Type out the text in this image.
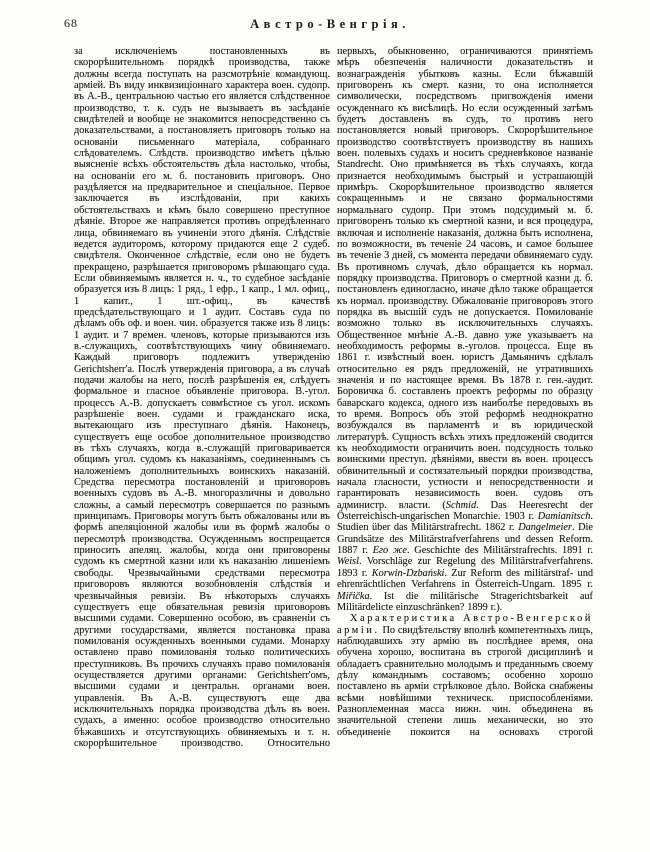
68	Австро-Венгрія.

за исключеніемъ постановленныхъ въ скорорѣшительномъ порядкѣ производства, также должны всегда поступать на разсмотрѣніе командующ. арміей. Въ виду инквизиціоннаго характера воен. судопр. въ А.-В., центральною частью его является слѣдственное производство, т. к. судъ не вызываетъ въ засѣданіе свидѣтелей и вообще не знакомится непосредственно съ доказательствами, а постановляетъ приговоръ только на основаніи письменнаго матеріала, собраннаго слѣдователемъ. Слѣдств. производство имѣетъ цѣлью выясненіе всѣхъ обстоятельствъ дѣла настолько, чтобы, на основаніи его м. б. постановить приговоръ. Оно раздѣляется на предварительное и спеціальное. Первое заключается въ изслѣдованіи, при какихъ обстоятельствахъ и кѣмъ было совершено преступное дѣяніе. Второе же направляется противъ опредѣленнаго лица, обвиняемаго въ учиненіи этого дѣянія. Слѣдствіе ведется аудиторомъ, которому придаются еще 2 судеб. свидѣтеля. Оконченное слѣдствіе, если оно не будетъ прекращено, разрѣшается приговоромъ рѣшающаго суда. Если обвиняемымъ является н. ч., то судебное засѣданіе образуется изъ 8 лицъ: 1 ряд., 1 ефр., 1 капр., 1 мл. офиц., 1 капит., 1 шт.-офиц., въ качествѣ предсѣдательствующаго и 1 аудит. Составъ суда по дѣламъ объ оф. и воен. чин. образуется также изъ 8 лицъ: 1 аудит. и 7 времен. членовъ, которые призываются изъ в.-служащихъ, соотвѣтствующихъ чину обвиняемаго. Каждый приговоръ подлежитъ утвержденію Gerichtsherr'а. Послѣ утвержденія приговора, а въ случаѣ подачи жалобы на него, послѣ разрѣшенія ея, слѣдуетъ формальное и гласное объявленіе приговора. В.-угол. процессъ А.-В. допускаетъ совмѣстное съ угол. искомъ разрѣшеніе воен. судами и гражданскаго иска, вытекающаго изъ преступнаго дѣянія. Наконецъ, существуетъ еще особое дополнительное производство въ тѣхъ случаяхъ, когда в.-служащій приговаривается общимъ угол. судомъ къ наказаніямъ, соединеннымъ съ наложеніемъ дополнительныхъ воинскихъ наказаній. Средства пересмотра постановленій и приговоровъ военныхъ судовъ въ А.-В. многоразличны и довольно сложны, а самый пересмотръ совершается по разнымъ принципамъ. Приговоры могутъ быть обжалованы или въ формѣ апеляціонной жалобы или въ формѣ жалобы о пересмотрѣ производства. Осужденнымъ воспрещается приносить апеляц. жалобы, когда они приговорены судомъ къ смертной казни или къ наказанію лишеніемъ свободы. Чрезвычайными средствами пересмотра приговоровъ являются возобновленія слѣдствія и чрезвычайныя ревизіи. Въ нѣкоторыхъ случаяхъ существуетъ еще обязательная ревизія приговоровъ высшими судами. Совершенно особою, въ сравненіи съ другими государствами, является постановка права помилованія осужденныхъ военными судами. Монарху оставлено право помилованія только политическихъ преступниковъ. Въ прочихъ случаяхъ право помилованія осуществляется другими органами: Gerichtsherr'омъ, высшими судами и центральн. органами воен. управленія. Въ А.-В. существуютъ еще два исключительныхъ порядка производства дѣлъ въ воен. судахъ, а именно: особое производство относительно бѣжавшихъ и отсутствующихъ обвиняемыхъ и т. н. скорорѣшительное производство. Относительно

первыхъ, обыкновенно, ограничиваются принятіемъ мѣръ обезпеченія наличности доказательствъ и вознагражденія убытковъ казны. Если бѣжавшій приговоренъ къ смерт. казни, то она исполняется символически, посредствомъ пригвожденія имени осужденнаго къ висѣлицѣ. Но если осужденный затѣмъ будетъ доставленъ въ судъ, то противъ него постановляется новый приговоръ. Скорорѣшительное производство соотвѣтствуетъ производству въ нашихъ воен. полевыхъ судахъ и носитъ средневѣковое названіе Standrecht. Оно примѣняется въ тѣхъ случаяхъ, когда признается необходимымъ быстрый и устрашающій примѣръ. Скорорѣшительное производство является сокращеннымъ и не связано формальностями нормальнаго судопр. При этомъ подсудимый м. б. приговоренъ только къ смертной казни, и вся процедура, включая и исполненіе наказанія, должна быть исполнена, по возможности, въ теченіе 24 часовъ, и самое большее въ теченіе 3 дней, съ момента передачи обвиняемаго суду. Въ противномъ случаѣ, дѣло обращается къ нормал. порядку производства. Приговоръ о смертной казни д. б. постановленъ единогласно, иначе дѣло также обращается къ нормал. производству. Обжалованіе приговоровъ этого порядка въ высшій судъ не допускается. Помилованіе возможно только въ исключительныхъ случаяхъ. Общественное мнѣніе А.-В. давно уже указываетъ на необходимость реформы в.-уголов. процесса. Еще въ 1861 г. извѣстный воен. юристъ Дамьяничъ сдѣлалъ относительно ея рядъ предложеній, не утратившихъ значенія и по настоящее время. Въ 1878 г. ген.-аудит. Боровичка б. составленъ проектъ реформы по образцу баварскаго кодекса, одного изъ наиболѣе передовыхъ въ то время. Вопросъ объ этой реформѣ неоднократно возбуждался въ парламентѣ и въ юридической литературѣ. Сущность всѣхъ этихъ предложеній сводится къ необходимости ограничить воен. подсудность только воинскими преступ. дѣяніями, ввести въ воен. процессъ обвинительный и состязательный порядки производства, начала гласности, устности и непосредственности и гарантировать независимость воен. судовъ отъ администр. власти. (Schmid. Das Heeresrecht der Österreichisch-ungarischen Monarchie. 1903 г. Damianitsch. Studien über das Militärstrafrecht. 1862 г. Dangelmeier. Die Grundsätze des Militärstrafverfahrens und dessen Reform. 1887 г. Его же. Geschichte des Militärstrafrechts. 1891 г. Weisl. Vorschläge zur Regelung des Militärstrafverfahrens. 1893 г. Korwin-Dzbański. Zur Reform des militärstraf- und ehrenrächtlichen Verfahrens in Österreich-Ungarn. 1895 г. Miřička. Ist die militärische Stragerichtsbarkeit auf Militärdelicte einzuschränken? 1899 г.).

Характеристика Австро-Венгерской арміи. По свидѣтельству вполнѣ компетентныхъ лицъ, наблюдавшихъ эту армію въ послѣднее время, она обучена хорошо, воспитана въ строгой дисциплинѣ и обладаетъ сравнительно молодымъ и преданнымъ своему дѣлу команднымъ составомъ; особенно хорошо поставлено въ арміи стрѣлковое дѣло. Войска снабжены всѣми новѣйшими техническ. приспособленіями. Разноплеменная масса нижн. чин. объединена въ значительной степени лишь механически, но это объединеніе покоится на основахъ строгой
